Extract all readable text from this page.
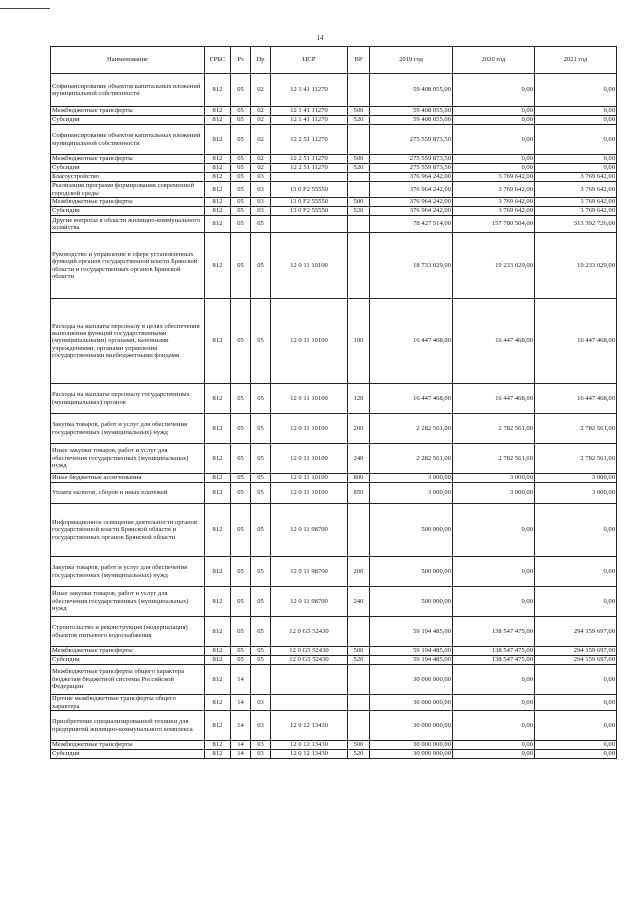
14
Наименование	ГРБС	Рз	Пр	ЦСР	ВР	2019 год	2020 год	2021 год
Софинансирование объектов капитальных вложений муниципальной собственности	812	05	02	12 1 41 11270		59 408 055,00	0,00	0,00
Межбюджетные трансферты	812	05	02	12 1 41 11270	500	59 408 055,00	0,00	0,00
Субсидии	812	05	02	12 1 41 11270	520	59 408 055,00	0,00	0,00
Софинансирование объектов капитальных вложений муниципальной собственности	812	05	02	12 2 51 11270		275 559 873,50	0,00	0,00
Межбюджетные трансферты	812	05	02	12 2 51 11270	500	275 559 873,50	0,00	0,00
Субсидии	812	05	02	12 2 51 11270	520	275 559 873,50	0,00	0,00
Благоустройство	812	05	03			376 964 242,00	3 769 642,00	3 769 642,00
Реализация программ формирования современной городской среды	812	05	03	13 0 F2 55550		376 964 242,00	3 769 642,00	3 769 642,00
Межбюджетные трансферты	812	05	03	13 0 F2 55550	500	376 964 242,00	3 769 642,00	3 769 642,00
Субсидии	812	05	03	13 0 F2 55550	520	376 964 242,00	3 769 642,00	3 769 642,00
Другие вопросы в области жилищно-коммунального хозяйства	812	05	05			78 427 514,00	157 780 504,00	313 392 726,00
Руководство и управление в сфере установленных функций органов государственной власти Брянской области и государственных органов Брянской области	812	05	05	12 0 11 10100		18 733 029,00	19 233 029,00	19 233 029,00
Расходы на выплаты персоналу в целях обеспечения выполнения функций государственными (муниципальными) органами, казенными учреждениями, органами управления государственными внебюджетными фондами	812	05	05	12 0 11 10100	100	16 447 468,00	16 447 468,00	16 447 468,00
Расходы на выплаты персоналу государственных (муниципальных) органов	812	05	05	12 0 11 10100	120	16 447 468,00	16 447 468,00	16 447 468,00
Закупка товаров, работ и услуг для обеспечения государственных (муниципальных) нужд	812	05	05	12 0 11 10100	200	2 282 561,00	2 782 561,00	2 782 561,00
Иные закупки товаров, работ и услуг для обеспечения государственных (муниципальных) нужд	812	05	05	12 0 11 10100	240	2 282 561,00	2 782 561,00	2 782 561,00
Иные бюджетные ассигнования	812	05	05	12 0 11 10100	800	3 000,00	3 000,00	3 000,00
Уплата налогов, сборов и иных платежей	812	05	05	12 0 11 10100	850	3 000,00	3 000,00	3 000,00
Информационное освещение деятельности органов государственной власти Брянской области и государственных органов Брянской области	812	05	05	12 0 11 98700		500 000,00	0,00	0,00
Закупка товаров, работ и услуг для обеспечения государственных (муниципальных) нужд	812	05	05	12 0 11 98700	200	500 000,00	0,00	0,00
Иные закупки товаров, работ и услуг для обеспечения государственных (муниципальных) нужд	812	05	05	12 0 11 98700	240	500 000,00	0,00	0,00
Строительство и реконструкция (модернизация) объектов питьевого водоснабжения	812	05	05	12 0 G5 52430		59 194 485,00	138 547 475,00	294 159 697,00
Межбюджетные трансферты	812	05	05	12 0 G5 52430	500	59 194 485,00	138 547 475,00	294 159 697,00
Субсидии	812	05	05	12 0 G5 52430	520	59 194 485,00	138 547 475,00	294 159 697,00
Межбюджетные трансферты общего характера бюджетам бюджетной системы Российской Федерации	812	14				30 000 000,00	0,00	0,00
Прочие межбюджетные трансферты общего характера	812	14	03			30 000 000,00	0,00	0,00
Приобретение специализированной техники для предприятий жилищно-коммунального комплекса	812	14	03	12 0 12 13430		30 000 000,00	0,00	0,00
Межбюджетные трансферты	812	14	03	12 0 12 13430	500	30 000 000,00	0,00	0,00
Субсидии	812	14	03	12 0 12 13430	520	30 000 000,00	0,00	0,00
